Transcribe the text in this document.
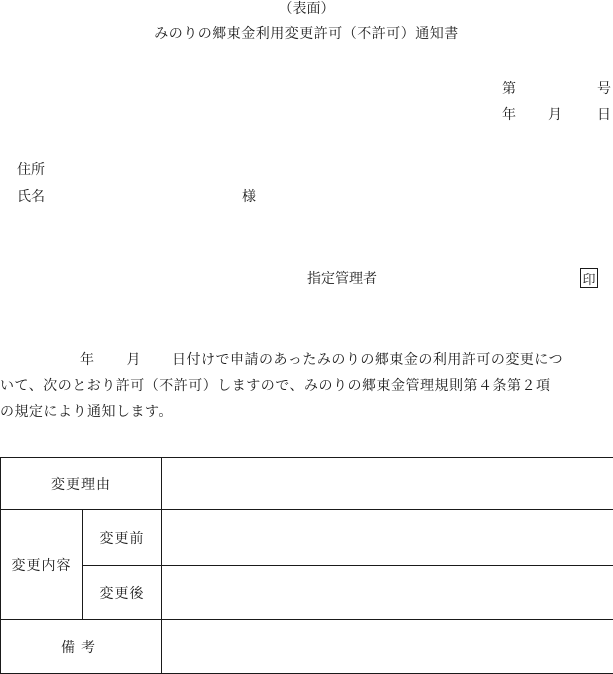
（表面）
みのりの郷東金利用変更許可（不許可）通知書
第	号
年 月	日
住所
氏名	様
指定管理者	印
年 月 日付けで申請のあったみのりの郷東金の利用許可の変更につ
いて、次のとおり許可（不許可）しますので、みのりの郷東金管理規則第４条第２項
の規定により通知します。
変更理由		
変更内容	変更前	
	変更後	
備考		
